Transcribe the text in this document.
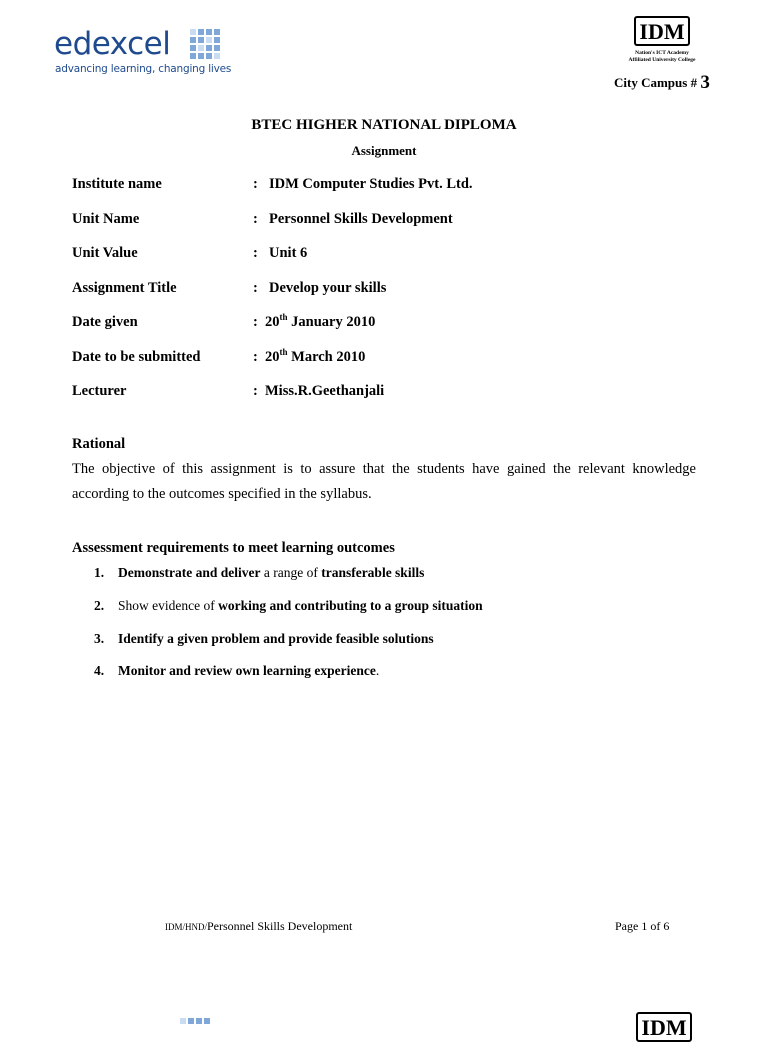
edexcel
advancing learning, changing lives
IDM
Nation's ICT Academy
Affiliated University College
City Campus # 3
BTEC HIGHER NATIONAL DIPLOMA
Assignment
Institute name	: IDM Computer Studies Pvt. Ltd.
Unit Name	: Personnel Skills Development
Unit Value	: Unit 6
Assignment Title	: Develop your skills
Date given	: 20th January 2010
Date to be submitted	: 20th March 2010
Lecturer	: Miss.R.Geethanjali
Rational
The objective of this assignment is to assure that the students have gained the relevant knowledge
according to the outcomes specified in the syllabus.
Assessment requirements to meet learning outcomes
1. Demonstrate and deliver a range of transferable skills
2. Show evidence of working and contributing to a group situation
3. Identify a given problem and provide feasible solutions
4. Monitor and review own learning experience.
IDM/HND/Personnel Skills Development	Page 1 of 6
IDM
